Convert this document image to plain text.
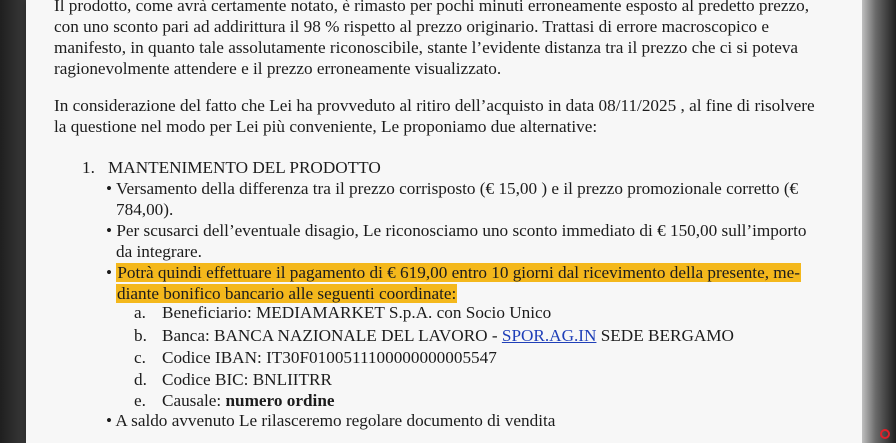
Il prodotto, come avrà certamente notato, è rimasto per pochi minuti erroneamente esposto al predetto prezzo,
con uno sconto pari ad addirittura il 98 % rispetto al prezzo originario. Trattasi di errore macroscopico e
manifesto, in quanto tale assolutamente riconoscibile, stante l’evidente distanza tra il prezzo che ci si poteva
ragionevolmente attendere e il prezzo erroneamente visualizzato.
In considerazione del fatto che Lei ha provveduto al ritiro dell’acquisto in data 08/11/2025 , al fine di risolvere
la questione nel modo per Lei più conveniente, Le proponiamo due alternative:
1. MANTENIMENTO DEL PRODOTTO
• Versamento della differenza tra il prezzo corrisposto (€ 15,00 ) e il prezzo promozionale corretto (€
784,00).
• Per scusarci dell’eventuale disagio, Le riconosciamo uno sconto immediato di € 150,00 sull’importo
da integrare.
• Potrà quindi effettuare il pagamento di € 619,00 entro 10 giorni dal ricevimento della presente, me-
diante bonifico bancario alle seguenti coordinate:
a. Beneficiario: MEDIAMARKET S.p.A. con Socio Unico
b. Banca: BANCA NAZIONALE DEL LAVORO - SPOR.AG.IN SEDE BERGAMO
c. Codice IBAN: IT30F0100511100000000005547
d. Codice BIC: BNLIITRR
e. Causale: numero ordine
• A saldo avvenuto Le rilasceremo regolare documento di vendita
